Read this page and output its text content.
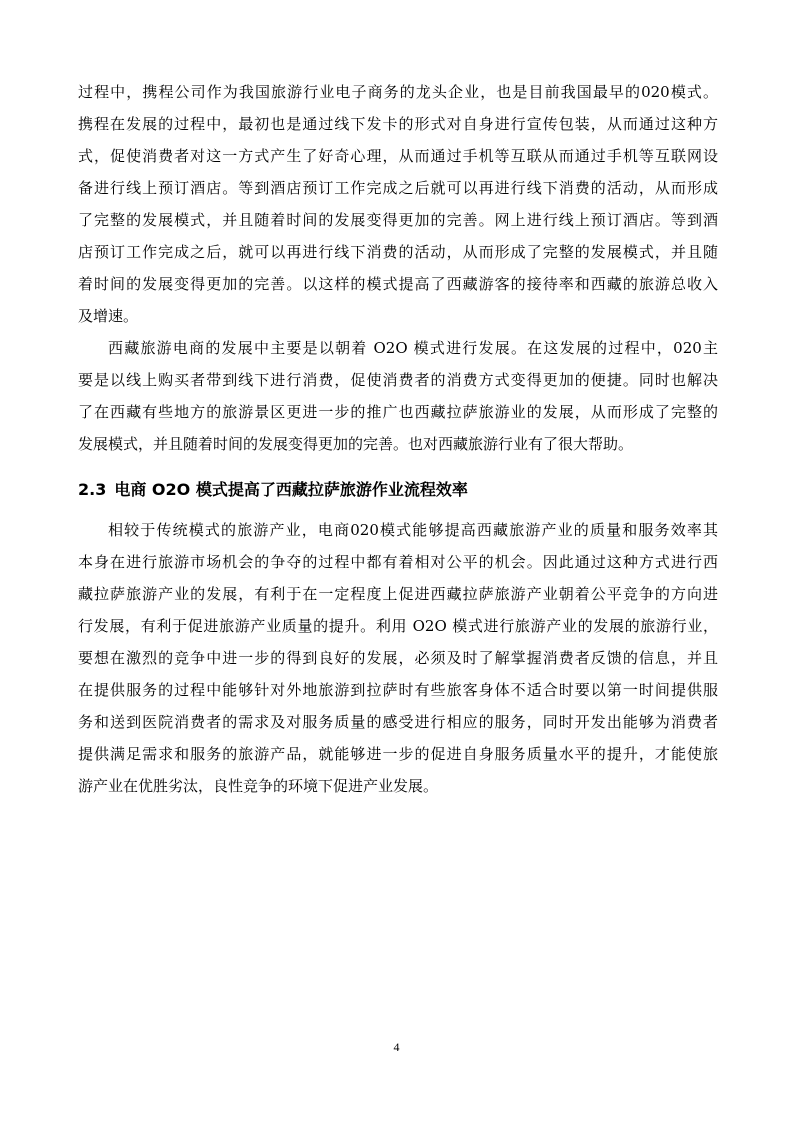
过程中，携程公司作为我国旅游行业电子商务的龙头企业，也是目前我国最早的020模式。
携程在发展的过程中，最初也是通过线下发卡的形式对自身进行宣传包装，从而通过这种方
式，促使消费者对这一方式产生了好奇心理，从而通过手机等互联从而通过手机等互联网设
备进行线上预订酒店。等到酒店预订工作完成之后就可以再进行线下消费的活动，从而形成
了完整的发展模式，并且随着时间的发展变得更加的完善。网上进行线上预订酒店。等到酒
店预订工作完成之后，就可以再进行线下消费的活动，从而形成了完整的发展模式，并且随
着时间的发展变得更加的完善。以这样的模式提高了西藏游客的接待率和西藏的旅游总收入
及增速。
西藏旅游电商的发展中主要是以朝着 O2O 模式进行发展。在这发展的过程中，020主
要是以线上购买者带到线下进行消费，促使消费者的消费方式变得更加的便捷。同时也解决
了在西藏有些地方的旅游景区更进一步的推广也西藏拉萨旅游业的发展，从而形成了完整的
发展模式，并且随着时间的发展变得更加的完善。也对西藏旅游行业有了很大帮助。
2.3 电商 O2O 模式提高了西藏拉萨旅游作业流程效率
相较于传统模式的旅游产业，电商020模式能够提高西藏旅游产业的质量和服务效率其
本身在进行旅游市场机会的争夺的过程中都有着相对公平的机会。因此通过这种方式进行西
藏拉萨旅游产业的发展，有利于在一定程度上促进西藏拉萨旅游产业朝着公平竞争的方向进
行发展，有利于促进旅游产业质量的提升。利用 O2O 模式进行旅游产业的发展的旅游行业，
要想在激烈的竞争中进一步的得到良好的发展，必须及时了解掌握消费者反馈的信息，并且
在提供服务的过程中能够针对外地旅游到拉萨时有些旅客身体不适合时要以第一时间提供服
务和送到医院消费者的需求及对服务质量的感受进行相应的服务，同时开发出能够为消费者
提供满足需求和服务的旅游产品，就能够进一步的促进自身服务质量水平的提升，才能使旅
游产业在优胜劣汰，良性竞争的环境下促进产业发展。
4
